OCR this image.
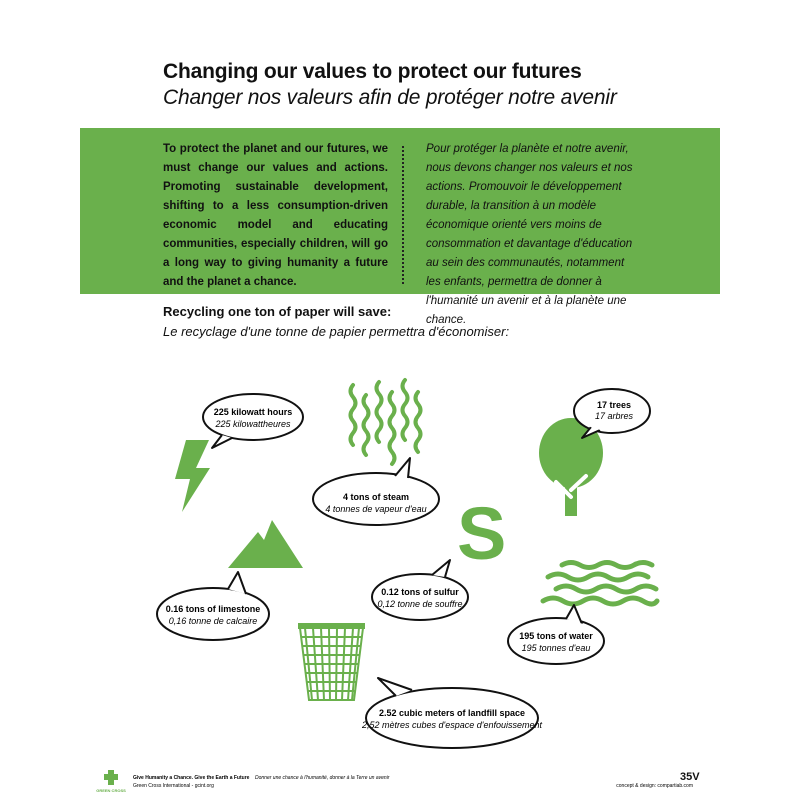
Changing our values to protect our futures
Changer nos valeurs afin de protéger notre avenir
To protect the planet and our futures, we must change our values and actions. Promoting sustainable development, shifting to a less consumption-driven economic model and educating communities, especially children, will go a long way to giving humanity a future and the planet a chance.
Pour protéger la planète et notre avenir, nous devons changer nos valeurs et nos actions. Promouvoir le développement durable, la transition à un modèle économique orienté vers moins de consommation et davantage d'éducation au sein des communautés, notamment les enfants, permettra de donner à l'humanité un avenir et à la planète une chance.
Recycling one ton of paper will save:
Le recyclage d'une tonne de papier permettra d'économiser:
S
225 kilowatt hours
225 kilowattheures
4 tons of steam
4 tonnes de vapeur d'eau
17 trees
17 arbres
0.12 tons of sulfur
0,12 tonne de souffre
0.16 tons of limestone
0,16 tonne de calcaire
195 tons of water
195 tonnes d'eau
2.52 cubic meters of landfill space
2,52 mètres cubes d'espace d'enfouissement
GREEN CROSS
Give Humanity a Chance. Give the Earth a Future
Green Cross International - gcint.org
Donner une chance à l'humanité, donner à la Terre un avenir
concept & design: compartiab.com
35V
